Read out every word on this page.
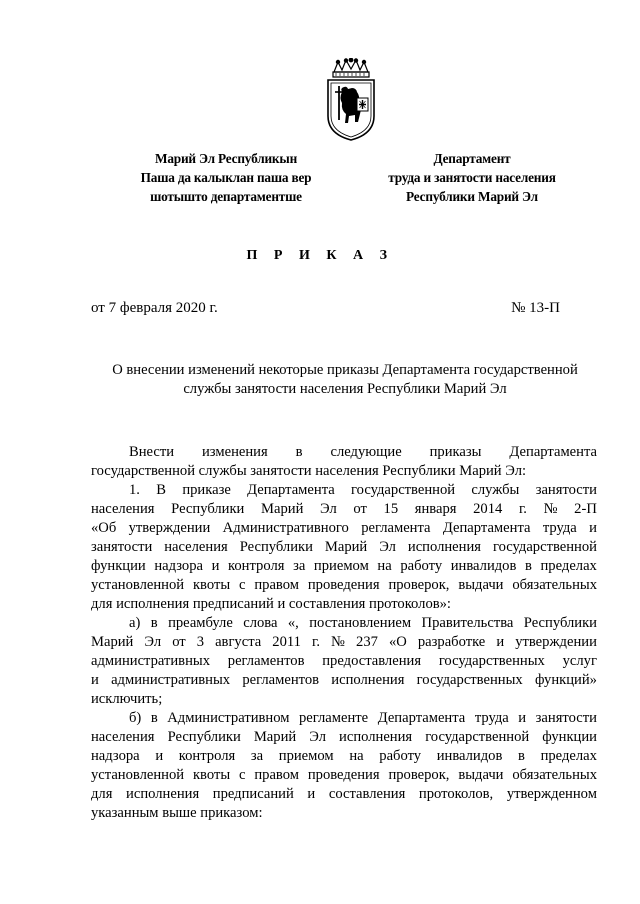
Марий Эл Республикын
Паша да калыклан паша вер
шотышто департаментше
Департамент
труда и занятости населения
Республики Марий Эл
П Р И К А З
от 7 февраля 2020 г.	№ 13-П
О внесении изменений некоторые приказы Департамента государственной
службы занятости населения Республики Марий Эл
Внести изменения в следующие приказы Департамента
государственной службы занятости населения Республики Марий Эл:
1. В приказе Департамента государственной службы занятости
населения Республики Марий Эл от 15 января 2014 г. № 2-П
«Об утверждении Административного регламента Департамента труда и
занятости населения Республики Марий Эл исполнения государственной
функции надзора и контроля за приемом на работу инвалидов в пределах
установленной квоты с правом проведения проверок, выдачи обязательных
для исполнения предписаний и составления протоколов»:
а) в преамбуле слова «, постановлением Правительства Республики
Марий Эл от 3 августа 2011 г. № 237 «О разработке и утверждении
административных регламентов предоставления государственных услуг
и административных регламентов исполнения государственных функций»
исключить;
б) в Административном регламенте Департамента труда и занятости
населения Республики Марий Эл исполнения государственной функции
надзора и контроля за приемом на работу инвалидов в пределах
установленной квоты с правом проведения проверок, выдачи обязательных
для исполнения предписаний и составления протоколов, утвержденном
указанным выше приказом:
